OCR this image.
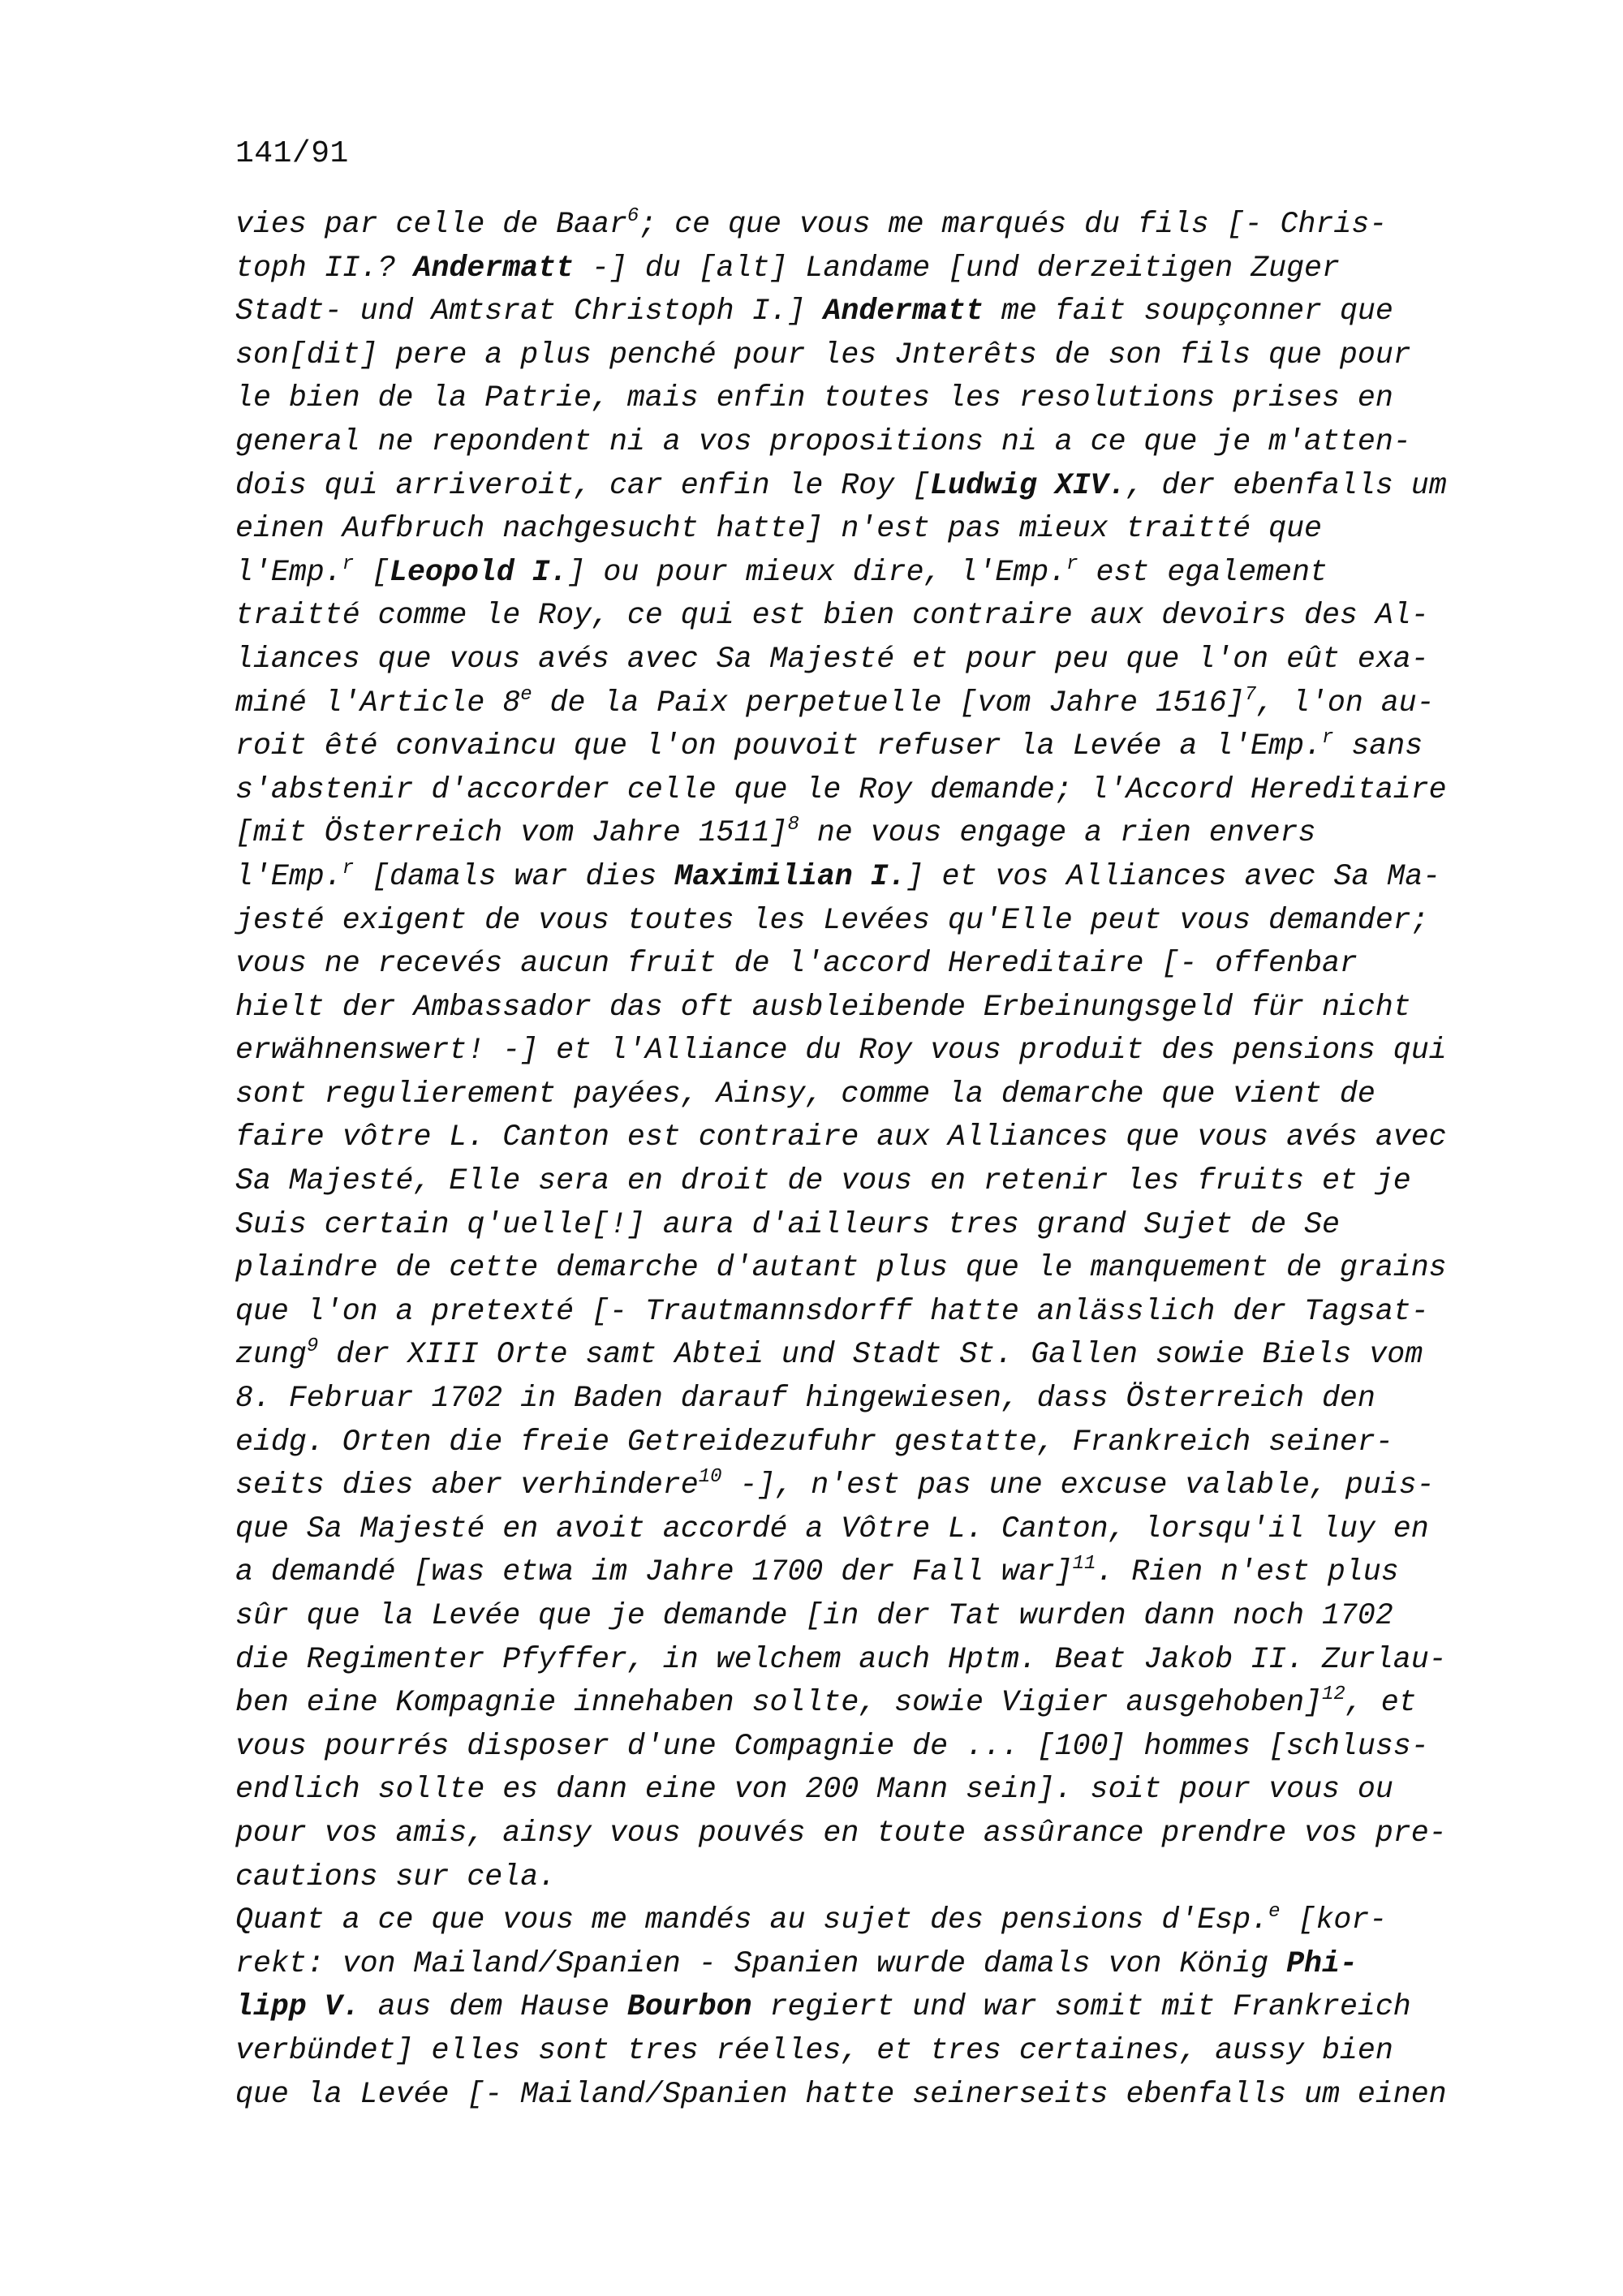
141/91
vies par celle de Baar$^6$; ce que vous me marqués du fils [- Chris-
toph II.? Andermatt -] du [alt] Landame [und derzeitigen Zuger
Stadt- und Amtsrat Christoph I.] Andermatt me fait soupçonner que
son[dit] pere a plus penché pour les Jnterêts de son fils que pour
le bien de la Patrie, mais enfin toutes les resolutions prises en
general ne repondent ni a vos propositions ni a ce que je m'atten-
dois qui arriveroit, car enfin le Roy [Ludwig XIV., der ebenfalls um
einen Aufbruch nachgesucht hatte] n'est pas mieux traitté que
l'Emp.$^r$ [Leopold I.] ou pour mieux dire, l'Emp.$^r$ est egalement
traitté comme le Roy, ce qui est bien contraire aux devoirs des Al-
liances que vous avés avec Sa Majesté et pour peu que l'on eût exa-
miné l'Article 8e de la Paix perpetuelle [vom Jahre 1516]$^7$, l'on au-
roit êté convaincu que l'on pouvoit refuser la Levée a l'Emp.$^r$ sans
s'abstenir d'accorder celle que le Roy demande; l'Accord Hereditaire
[mit Österreich vom Jahre 1511]$^8$ ne vous engage a rien envers
l'Emp.$^r$ [damals war dies Maximilian I.] et vos Alliances avec Sa Ma-
jesté exigent de vous toutes les Levées qu'Elle peut vous demander;
vous ne recevés aucun fruit de l'accord Hereditaire [- offenbar
hielt der Ambassador das oft ausbleibende Erbeinungsgeld für nicht
erwähnenswert! -] et l'Alliance du Roy vous produit des pensions qui
sont regulierement payées, Ainsy, comme la demarche que vient de
faire vôtre L. Canton est contraire aux Alliances que vous avés avec
Sa Majesté, Elle sera en droit de vous en retenir les fruits et je
Suis certain q'uelle[!] aura d'ailleurs tres grand Sujet de Se
plaindre de cette demarche d'autant plus que le manquement de grains
que l'on a pretexté [- Trautmannsdorff hatte anlässlich der Tagsat-
zung$^9$ der XIII Orte samt Abtei und Stadt St. Gallen sowie Biels vom
8. Februar 1702 in Baden darauf hingewiesen, dass Österreich den
eidg. Orten die freie Getreidezufuhr gestatte, Frankreich seiner-
seits dies aber verhindere$^{10}$ -], n'est pas une excuse valable, puis-
que Sa Majesté en avoit accordé a Vôtre L. Canton, lorsqu'il luy en
a demandé [was etwa im Jahre 1700 der Fall war]$^{11}$. Rien n'est plus
sûr que la Levée que je demande [in der Tat wurden dann noch 1702
die Regimenter Pfyffer, in welchem auch Hptm. Beat Jakob II. Zurlau-
ben eine Kompagnie innehaben sollte, sowie Vigier ausgehoben]$^{12}$, et
vous pourrés disposer d'une Compagnie de ... [100] hommes [schluss-
endlich sollte es dann eine von 200 Mann sein]. soit pour vous ou
pour vos amis, ainsy vous pouvés en toute assûrance prendre vos pre-
cautions sur cela.
Quant a ce que vous me mandés au sujet des pensions d'Esp.$^e$ [kor-
rekt: von Mailand/Spanien - Spanien wurde damals von König Phi-
lipp V. aus dem Hause Bourbon regiert und war somit mit Frankreich
verbündet] elles sont tres réelles, et tres certaines, aussy bien
que la Levée [- Mailand/Spanien hatte seinerseits ebenfalls um einen
